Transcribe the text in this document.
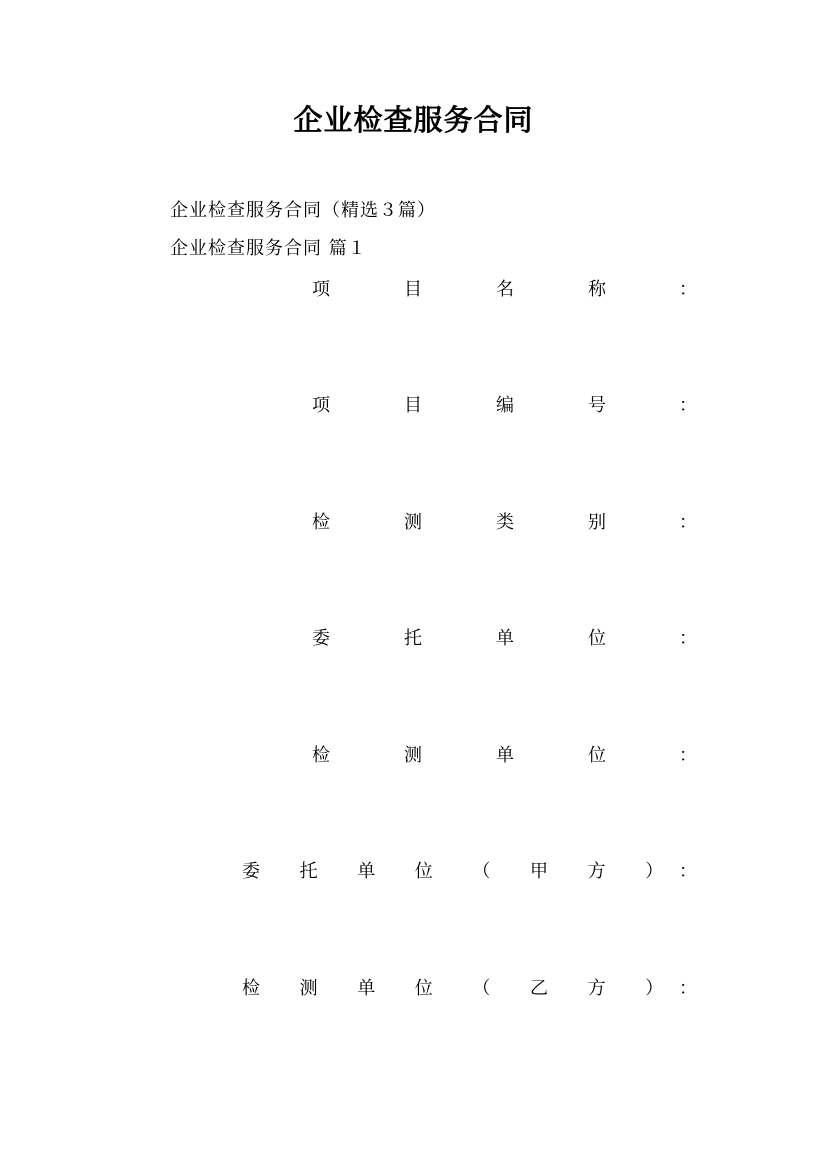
企业检查服务合同
企业检查服务合同（精选３篇）
企业检查服务合同 篇１
项	目	名	称	：
项	目	编	号	：
检	测	类	别	：
委	托	单	位	：
检	测	单	位	：
委	托	单	位	（	甲	方	） ：
检	测	单	位	（	乙	方	） ：
